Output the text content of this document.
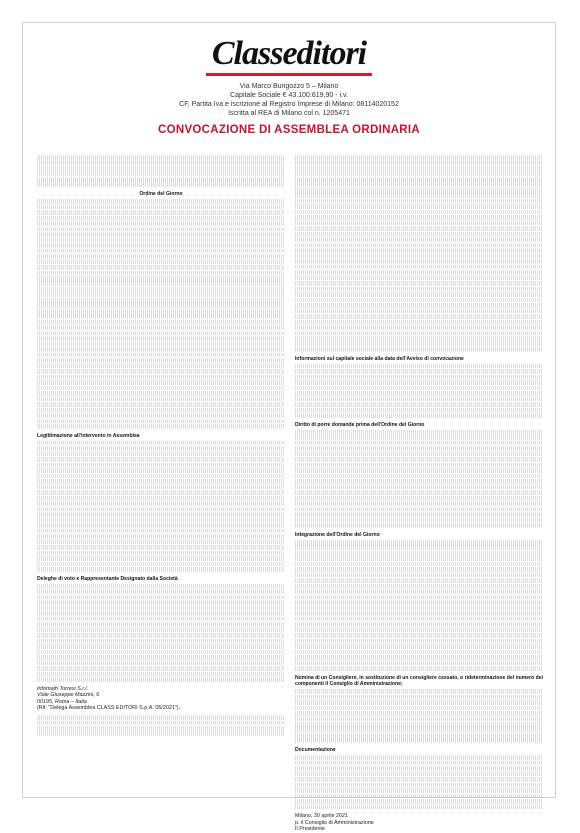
Classeditori
Via Marco Burigozzo 5 – Milano
Capitale Sociale € 43.100.619,90 - i.v.
CF, Partita Iva e iscrizione al Registro Imprese di Milano: 08114020152
Iscritta al REA di Milano col n. 1205471
CONVOCAZIONE DI ASSEMBLEA ORDINARIA
Ordine del Giorno
Legittimazione all'intervento in Assemblea
Deleghe di voto e Rappresentante Designato dalla Società
Infomath Torresi S.r.l.
Viale Giuseppe Mazzini, 6
00195, Roma – Italia
(Rif. "Delega Assemblea CLASS EDITORI S.p.A. 05/2021"),
Informazioni sul capitale sociale alla data dell'Avviso di convocazione
Diritto di porre domande prima dell'Ordine del Giorno
Integrazione dell'Ordine del Giorno
Nomina di un Consigliere, in sostituzione di un consigliere cessato, o rideterminazione del numero dei componenti il Consiglio di Amministrazione;
Documentazione
Milano, 30 aprile 2021
p. il Consiglio di Amministrazione
Il Presidente
